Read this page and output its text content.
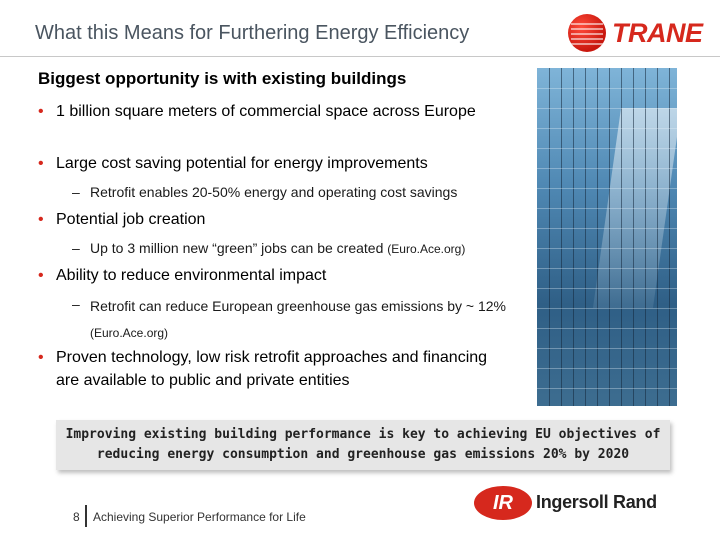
What this Means for Furthering Energy Efficiency	TRANE
Biggest opportunity is with existing buildings
• 1 billion square meters of commercial space across Europe
• Large cost saving potential for energy improvements
– Retrofit enables 20-50% energy and operating cost savings
• Potential job creation
– Up to 3 million new “green” jobs can be created (Euro.Ace.org)
• Ability to reduce environmental impact
– Retrofit can reduce European greenhouse gas emissions by ~ 12% (Euro.Ace.org)
• Proven technology, low risk retrofit approaches and financing are available to public and private entities
Improving existing building performance is key to achieving EU objectives of reducing energy consumption and greenhouse gas emissions 20% by 2020
8 Achieving Superior Performance for Life
IR	Ingersoll Rand
